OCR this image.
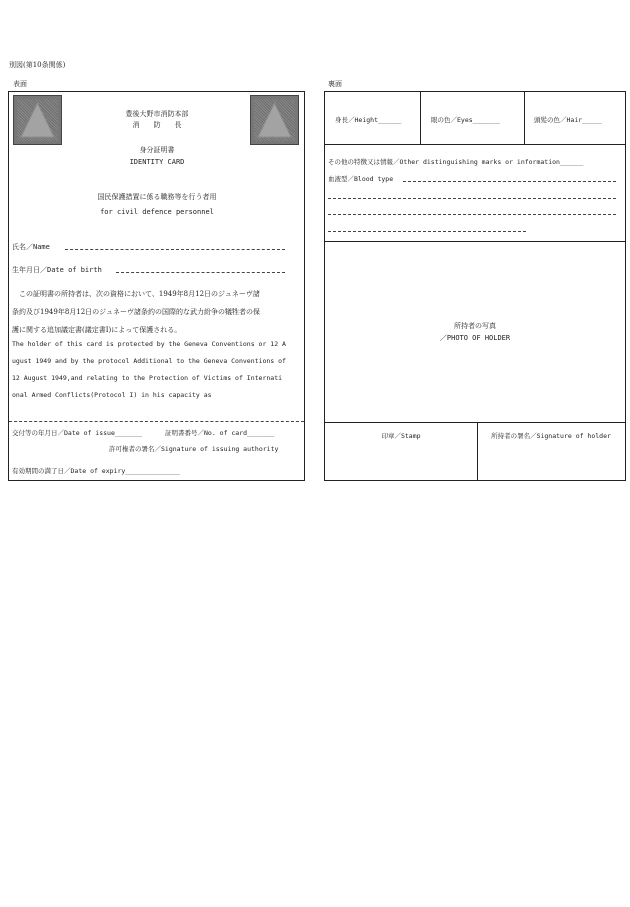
別図(第10条関係)
表面	裏面
豊後大野市消防本部
消　　防　　長
身分証明書
IDENTITY CARD
国民保護措置に係る職務等を行う者用
for civil defence personnel
氏名／Name
生年月日／Date of birth
　この証明書の所持者は、次の資格において、1949年8月12日のジュネーヴ諸
条約及び1949年8月12日のジュネーヴ諸条約の国際的な武力紛争の犠牲者の保
護に関する追加議定書(議定書Ⅰ)によって保護される。
The holder of this card is protected by the Geneva Conventions or 12 A
ugust 1949 and by the protocol Additional to the Geneva Conventions of
12 August 1949,and relating to the Protection of Victims of Internati
onal Armed Conflicts(Protocol I) in his capacity as
交付等の年月日／Date of issue_______	証明書番号／No. of card_______
許可権者の署名／Signature of issuing authority
有効期間の満了日／Date of expiry______________
身長／Height______	眼の色／Eyes_______	頭髪の色／Hair_____
その他の特徴又は情報／Other distinguishing marks or information______
血液型／Blood type
所持者の写真
／PHOTO OF HOLDER
印章／Stamp	所持者の署名／Signature of holder
